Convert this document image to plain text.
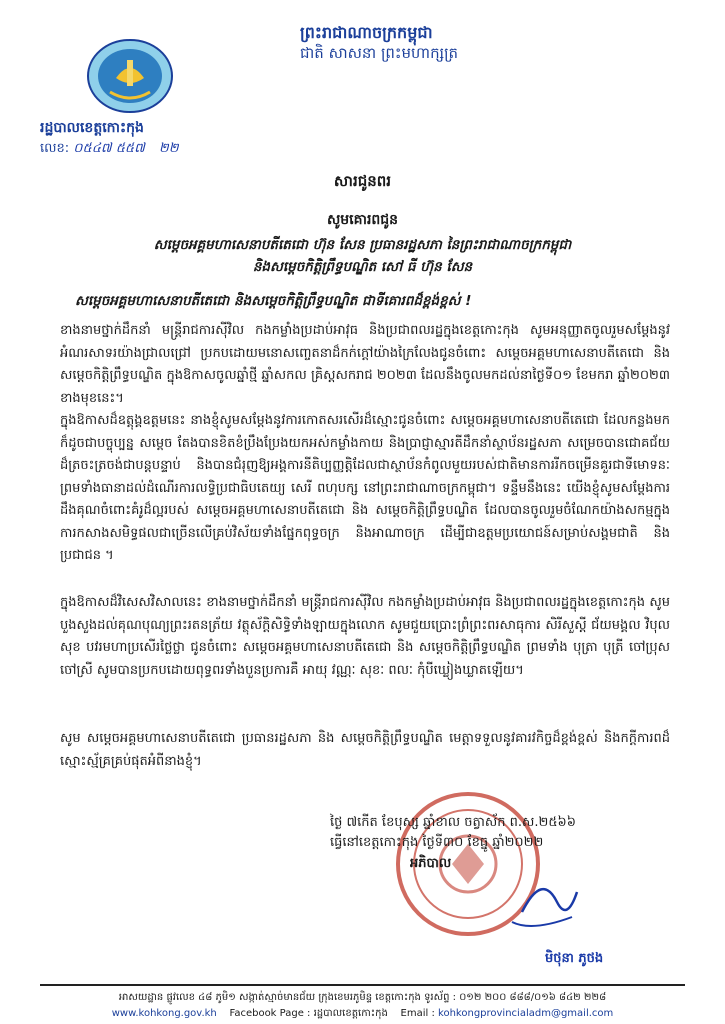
រដ្ឋបាលខេត្តកោះកុង
ព្រះរាជាណាចក្រកម្ពុជា
ជាតិ សាសនា ព្រះមហាក្សត្រ
លេខ: ០៥៤៧ ៥៥៧ ២២
សារជូនពរ
សូមគោរពជូន
សម្ដេចអគ្គមហាសេនាបតីតេជោ ហ៊ុន សែន ប្រធានរដ្ឋសភា នៃព្រះរាជាណាចក្រកម្ពុជា
និងសម្ដេចកិត្តិព្រឹទ្ធបណ្ឌិត សៅ ធី ហ៊ុន សែន
សម្ដេចអគ្គមហាសេនាបតីតេជោ និងសម្ដេចកិត្តិព្រឹទ្ធបណ្ឌិត ជាទីគោរពដ៏ខ្ពង់ខ្ពស់ !
ខាងនាមថ្នាក់ដឹកនាំ មន្ត្រីរាជការស៊ីវិល កងកម្លាំងប្រដាប់អាវុធ និងប្រជាពលរដ្ឋក្នុងខេត្តកោះកុង សូមអនុញ្ញាតចូលរួមសម្ដែងនូវអំណរសាទរយ៉ាងជ្រាលជ្រៅ ប្រកបដោយមនោសញ្ចេតនាដ៏កក់ក្ដៅយ៉ាងក្រៃលែងជូនចំពោះ សម្ដេចអគ្គមហាសេនាបតីតេជោ និង សម្ដេចកិត្តិព្រឹទ្ធបណ្ឌិត ក្នុងឱកាសចូលឆ្នាំថ្មី ឆ្នាំសកល គ្រិស្តសករាជ ២០២៣ ដែលនឹងចូលមកដល់នាថ្ងៃទី០១ ខែមករា ឆ្នាំ២០២៣ ខាងមុខនេះ។
ក្នុងឱកាសដ៏ឧត្ដុង្គឧត្ដមនេះ នាងខ្ញុំសូមសម្ដែងនូវការកោតសរសើរដ៏ស្មោះជូនចំពោះ សម្ដេចអគ្គមហាសេនាបតីតេជោ ដែលកន្លងមកក៏ដូចជាបច្ចុប្បន្ន សម្ដេច តែងបានខិតខំប្រឹងប្រែងយកអស់កម្លាំងកាយ និងប្រាជ្ញាស្មារតីដឹកនាំស្ថាប័នរដ្ឋសភា សម្រេចបានជោគជ័យដ៏ត្រចះត្រចង់ជាបន្តបន្ទាប់ និងបានជំរុញឱ្យអង្គការនីតិប្បញ្ញត្តិដែលជាស្ថាប័នកំពូលមួយរបស់ជាតិមានការរីកចម្រើនគួរជាទីមោទនៈ ព្រមទាំងធានាដល់ដំណើរការលទ្ធិប្រជាធិបតេយ្យ សេរី ពហុបក្ស នៅព្រះរាជាណាចក្រកម្ពុជា។ ទន្ទឹមនឹងនេះ យើងខ្ញុំសូមសម្ដែងការដឹងគុណចំពោះគំរូដ៏ល្អរបស់ សម្ដេចអគ្គមហាសេនាបតីតេជោ និង សម្ដេចកិត្តិព្រឹទ្ធបណ្ឌិត ដែលបានចូលរួមចំណែកយ៉ាងសកម្មក្នុងការកសាងសមិទ្ធផលជាច្រើនលើគ្រប់វិស័យទាំងផ្នែកពុទ្ធចក្រ និងអាណាចក្រ ដើម្បីជាឧត្តមប្រយោជន៍សម្រាប់សង្គមជាតិ និងប្រជាជន ។
ក្នុងឱកាសដ៏វិសេសវិសាលនេះ ខាងនាមថ្នាក់ដឹកនាំ មន្ត្រីរាជការស៊ីវិល កងកម្លាំងប្រដាប់អាវុធ និងប្រជាពលរដ្ឋក្នុងខេត្តកោះកុង សូមបួងសួងដល់គុណបុណ្យព្រះរតនត្រ័យ វត្ថុស័ក្តិសិទ្ធិទាំងឡាយក្នុងលោក សូមជួយប្រោះព្រំព្រះពរសាធុការ សិរីសួស្ដី ជ័យមង្គល វិបុលសុខ បវរមហាប្រសើរថ្លៃថ្លា ជូនចំពោះ សម្ដេចអគ្គមហាសេនាបតីតេជោ និង សម្ដេចកិត្តិព្រឹទ្ធបណ្ឌិត ព្រមទាំង បុត្រា បុត្រី ចៅប្រុស ចៅស្រី សូមបានប្រកបដោយពុទ្ធពរទាំងបួនប្រការគឺ អាយុ វណ្ណៈ សុខៈ ពលៈ កុំបីឃ្លៀងឃ្លាតឡើយ។
សូម សម្ដេចអគ្គមហាសេនាបតីតេជោ ប្រធានរដ្ឋសភា និង សម្ដេចកិត្តិព្រឹទ្ធបណ្ឌិត មេត្តាទទួលនូវគារវកិច្ចដ៏ខ្ពង់ខ្ពស់ និងកក្ដីការពដ៏ស្មោះស្ម័គ្រគ្រប់ផុតអំពីនាងខ្ញុំ។
ថ្ងៃ ៧កើត ខែបុស្ស ឆ្នាំខាល ចត្វាស័ក ព.ស.២៥៦៦
ធ្វើនៅខេត្តកោះកុង ថ្ងៃទី៣០ ខែធ្នូ ឆ្នាំ២០២២
អភិបាល
មិថុនា ភូថង
អាសយដ្ឋាន ផ្លូវលេខ ៤៨ ភូមិ១ សង្កាត់ស្មាច់មានជ័យ ក្រុងខេមរភូមិន្ទ ខេត្តកោះកុង ទូរស័ព្ទ : ០១២ ២០០ ៨៨៨/០១៦ ៨៤២ ២២៨
www.kohkong.gov.kh Facebook Page : រដ្ឋបាលខេត្តកោះកុង Email : kohkongprovincialadm@gmail.com
